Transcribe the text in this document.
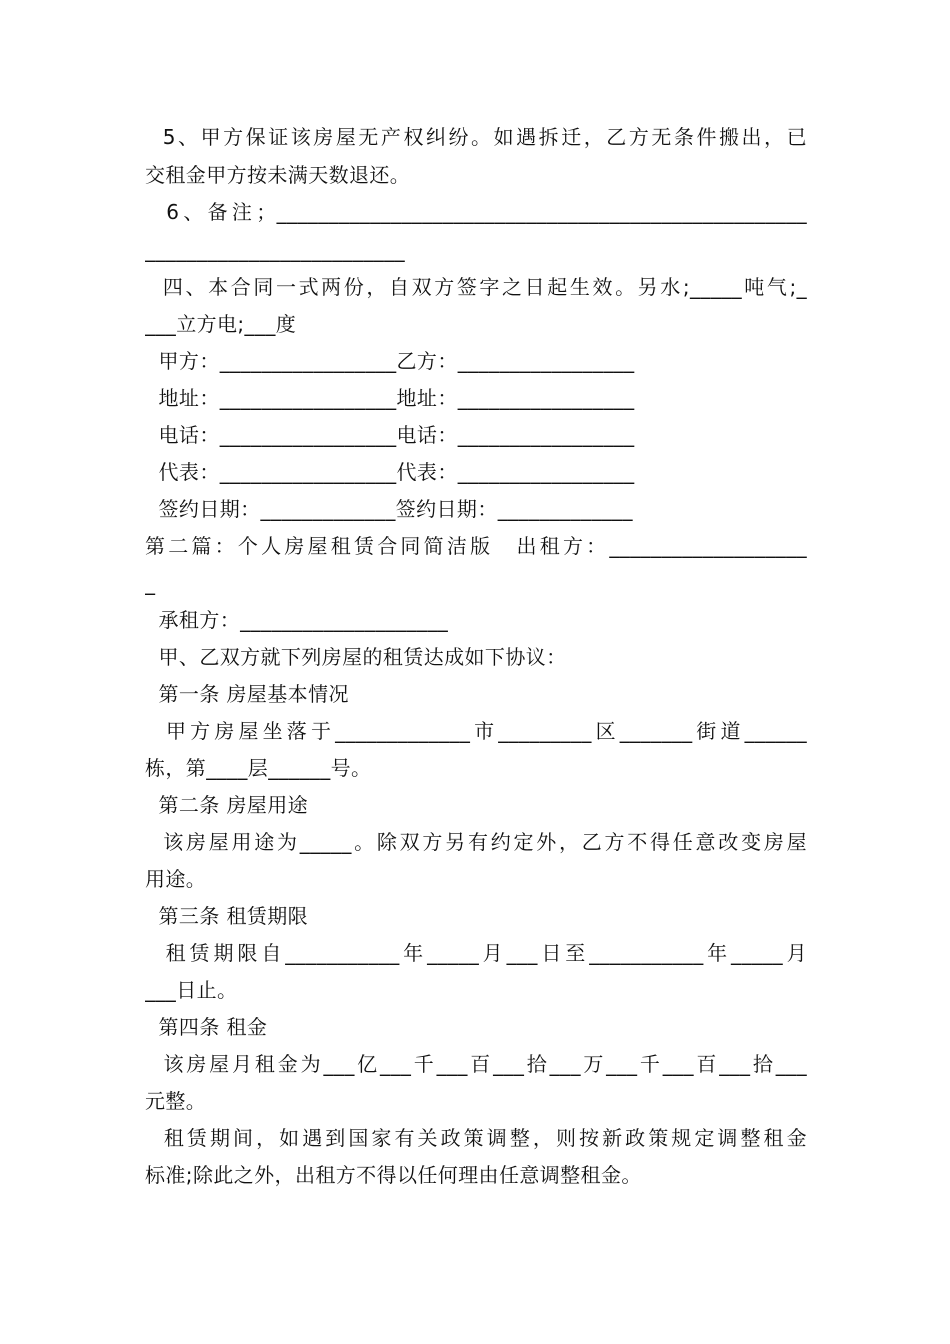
5、甲方保证该房屋无产权纠纷。如遇拆迁，乙方无条件搬出，已
交租金甲方按未满天数退还。
6、备注；___________________________________________________
_________________________
四、本合同一式两份，自双方签字之日起生效。另水;_____吨气;_
___立方电;___度
甲方：_________________乙方：_________________
地址：_________________地址：_________________
电话：_________________电话：_________________
代表：_________________代表：_________________
签约日期：_____________签约日期：_____________
第二篇：个人房屋租赁合同简洁版　出租方：___________________
_
承租方：____________________
甲、乙双方就下列房屋的租赁达成如下协议：
第一条 房屋基本情况
甲方房屋坐落于_____________市_________区_______街道______
栋，第____层______号。
第二条 房屋用途
该房屋用途为_____。除双方另有约定外，乙方不得任意改变房屋
用途。
第三条 租赁期限
租赁期限自___________年_____月___日至___________年_____月
___日止。
第四条 租金
该房屋月租金为___亿___千___百___拾___万___千___百___拾___
元整。
租赁期间，如遇到国家有关政策调整，则按新政策规定调整租金
标准;除此之外，出租方不得以任何理由任意调整租金。
